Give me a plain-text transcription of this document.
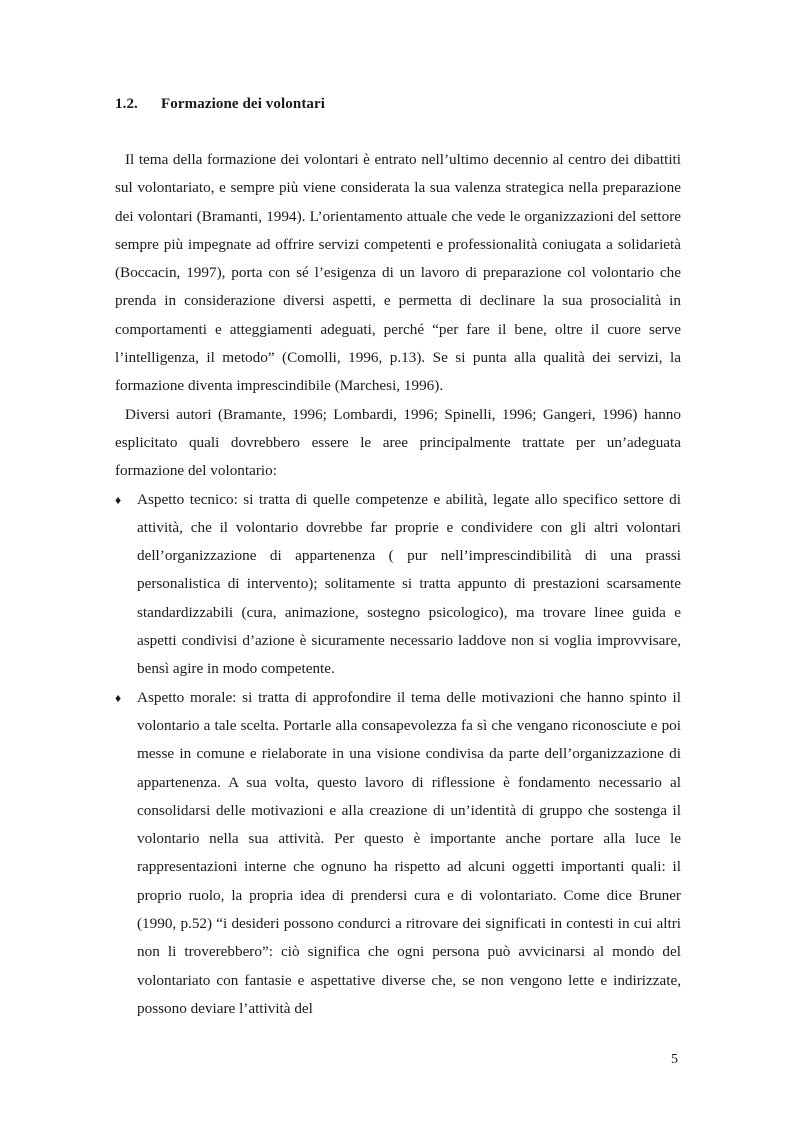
1.2. Formazione dei volontari

Il tema della formazione dei volontari è entrato nell’ultimo decennio al centro dei dibattiti sul volontariato, e sempre più viene considerata la sua valenza strategica nella preparazione dei volontari (Bramanti, 1994). L’orientamento attuale che vede le organizzazioni del settore sempre più impegnate ad offrire servizi competenti e professionalità coniugata a solidarietà (Boccacin, 1997), porta con sé l’esigenza di un lavoro di preparazione col volontario che prenda in considerazione diversi aspetti, e permetta di declinare la sua prosocialità in comportamenti e atteggiamenti adeguati, perché “per fare il bene, oltre il cuore serve l’intelligenza, il metodo” (Comolli, 1996, p.13). Se si punta alla qualità dei servizi, la formazione diventa imprescindibile (Marchesi, 1996).

Diversi autori (Bramante, 1996; Lombardi, 1996; Spinelli, 1996; Gangeri, 1996) hanno esplicitato quali dovrebbero essere le aree principalmente trattate per un’adeguata formazione del volontario:

♦ Aspetto tecnico: si tratta di quelle competenze e abilità, legate allo specifico settore di attività, che il volontario dovrebbe far proprie e condividere con gli altri volontari dell’organizzazione di appartenenza ( pur nell’imprescindibilità di una prassi personalistica di intervento); solitamente si tratta appunto di prestazioni scarsamente standardizzabili (cura, animazione, sostegno psicologico), ma trovare linee guida e aspetti condivisi d’azione è sicuramente necessario laddove non si voglia improvvisare, bensì agire in modo competente.
♦ Aspetto morale: si tratta di approfondire il tema delle motivazioni che hanno spinto il volontario a tale scelta. Portarle alla consapevolezza fa sì che vengano riconosciute e poi messe in comune e rielaborate in una visione condivisa da parte dell’organizzazione di appartenenza. A sua volta, questo lavoro di riflessione è fondamento necessario al consolidarsi delle motivazioni e alla creazione di un’identità di gruppo che sostenga il volontario nella sua attività. Per questo è importante anche portare alla luce le rappresentazioni interne che ognuno ha rispetto ad alcuni oggetti importanti quali: il proprio ruolo, la propria idea di prendersi cura e di volontariato. Come dice Bruner (1990, p.52) “i desideri possono condurci a ritrovare dei significati in contesti in cui altri non li troverebbero”: ciò significa che ogni persona può avvicinarsi al mondo del volontariato con fantasie e aspettative diverse che, se non vengono lette e indirizzate, possono deviare l’attività del
5
